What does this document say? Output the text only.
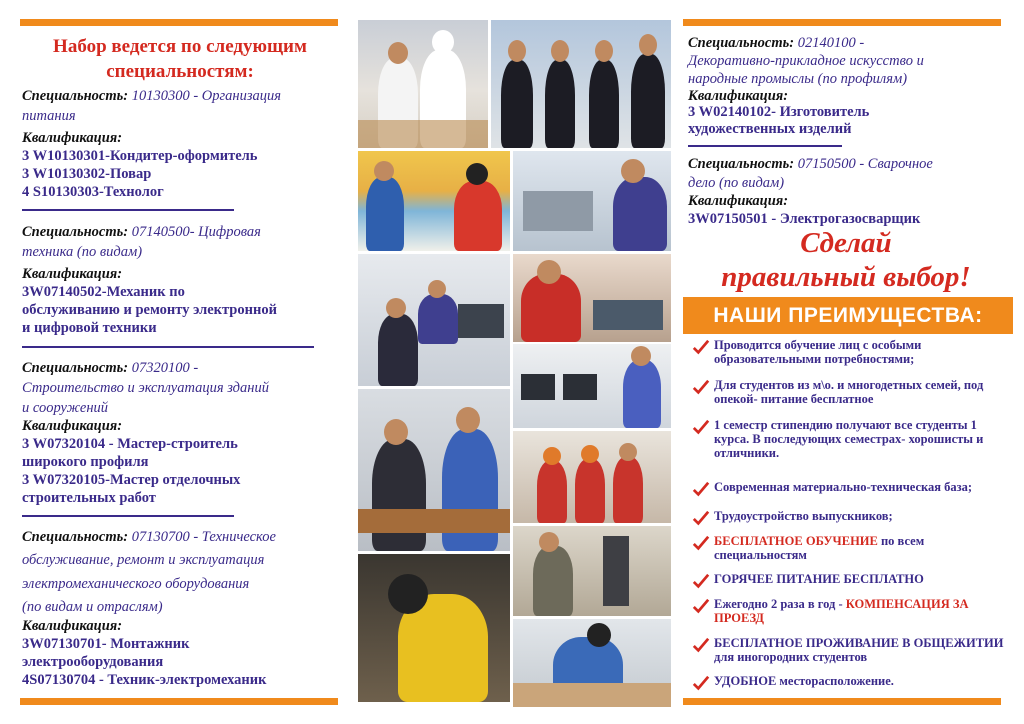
Набор ведется по следующим
специальностям:
Специальность: 10130300 - Организация
питания
Квалификация:
3 W10130301-Кондитер-оформитель
3 W10130302-Повар
4 S10130303-Технолог
Специальность: 07140500- Цифровая
техника (по видам)
Квалификация:
3W07140502-Механик по
обслуживанию и ремонту электронной
и цифровой техники
Специальность: 07320100 -
Строительство и эксплуатация зданий
и сооружений
Квалификация:
3 W07320104 - Мастер-строитель
широкого профиля
3 W07320105-Мастер отделочных
строительных работ
Специальность: 07130700 - Техническое
обслуживание, ремонт и эксплуатация
электромеханического оборудования
(по видам и отраслям)
Квалификация:
3W07130701- Монтажник
электрооборудования
4S07130704 - Техник-электромеханик
Специальность: 02140100 -
Декоративно-прикладное искусство и
народные промыслы (по профилям)
Квалификация:
3 W02140102- Изготовитель
художественных изделий
Специальность: 07150500 - Сварочное
дело (по видам)
Квалификация:
3W07150501 - Электрогазосварщик
Сделай
правильный выбор!
НАШИ ПРЕИМУЩЕСТВА:
Проводится обучение лиц с особыми образовательными потребностями;
Для студентов из м\о. и многодетных семей, под опекой- питание бесплатное
1 семестр стипендию получают все студенты 1 курса. В последующих семестрах- хорошисты и отличники.
Современная материально-техническая база;
Трудоустройство выпускников;
БЕСПЛАТНОЕ ОБУЧЕНИЕ по всем специальностям
ГОРЯЧЕЕ ПИТАНИЕ БЕСПЛАТНО
Ежегодно 2 раза в год - КОМПЕНСАЦИЯ ЗА ПРОЕЗД
БЕСПЛАТНОЕ ПРОЖИВАНИЕ В ОБЩЕЖИТИИ для иногородних студентов
УДОБНОЕ месторасположение.
